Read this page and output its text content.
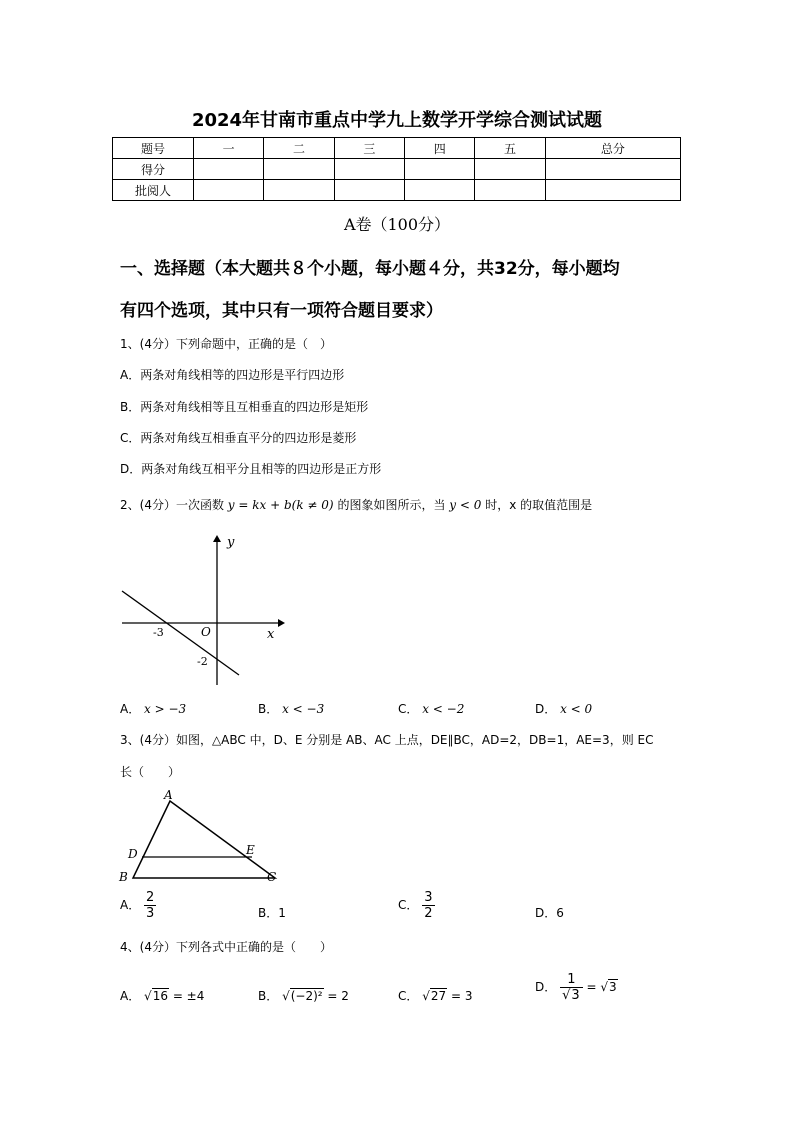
2024年甘南市重点中学九上数学开学综合测试试题
题号	一	二	三	四	五	总分
得分						
批阅人						
A卷（100分）
一、选择题（本大题共８个小题，每小题４分，共32分，每小题均
有四个选项，其中只有一项符合题目要求）
1、(4分）下列命题中，正确的是（　）
A．两条对角线相等的四边形是平行四边形
B．两条对角线相等且互相垂直的四边形是矩形
C．两条对角线互相垂直平分的四边形是菱形
D．两条对角线互相平分且相等的四边形是正方形
2、(4分）一次函数 y = kx + b(k ≠ 0) 的图象如图所示，当 y < 0 时，x 的取值范围是
y
x
O
-3
-2
A． x > −3	B． x < −3	C． x < −2	D． x < 0
3、(4分）如图，△ABC 中，D、E 分别是 AB、AC 上点，DE∥BC，AD=2，DB=1，AE=3，则 EC
长（　　）
A
B	C
D	E
A． $\frac{2}{3}$	B．1
C． $\frac{3}{2}$	D．6
4、(4分）下列各式中正确的是（　　）
A． √16 = ±4	B． √(−2)² = 2	C． √27 = 3
D． $\frac{1}{√3} = √3$
